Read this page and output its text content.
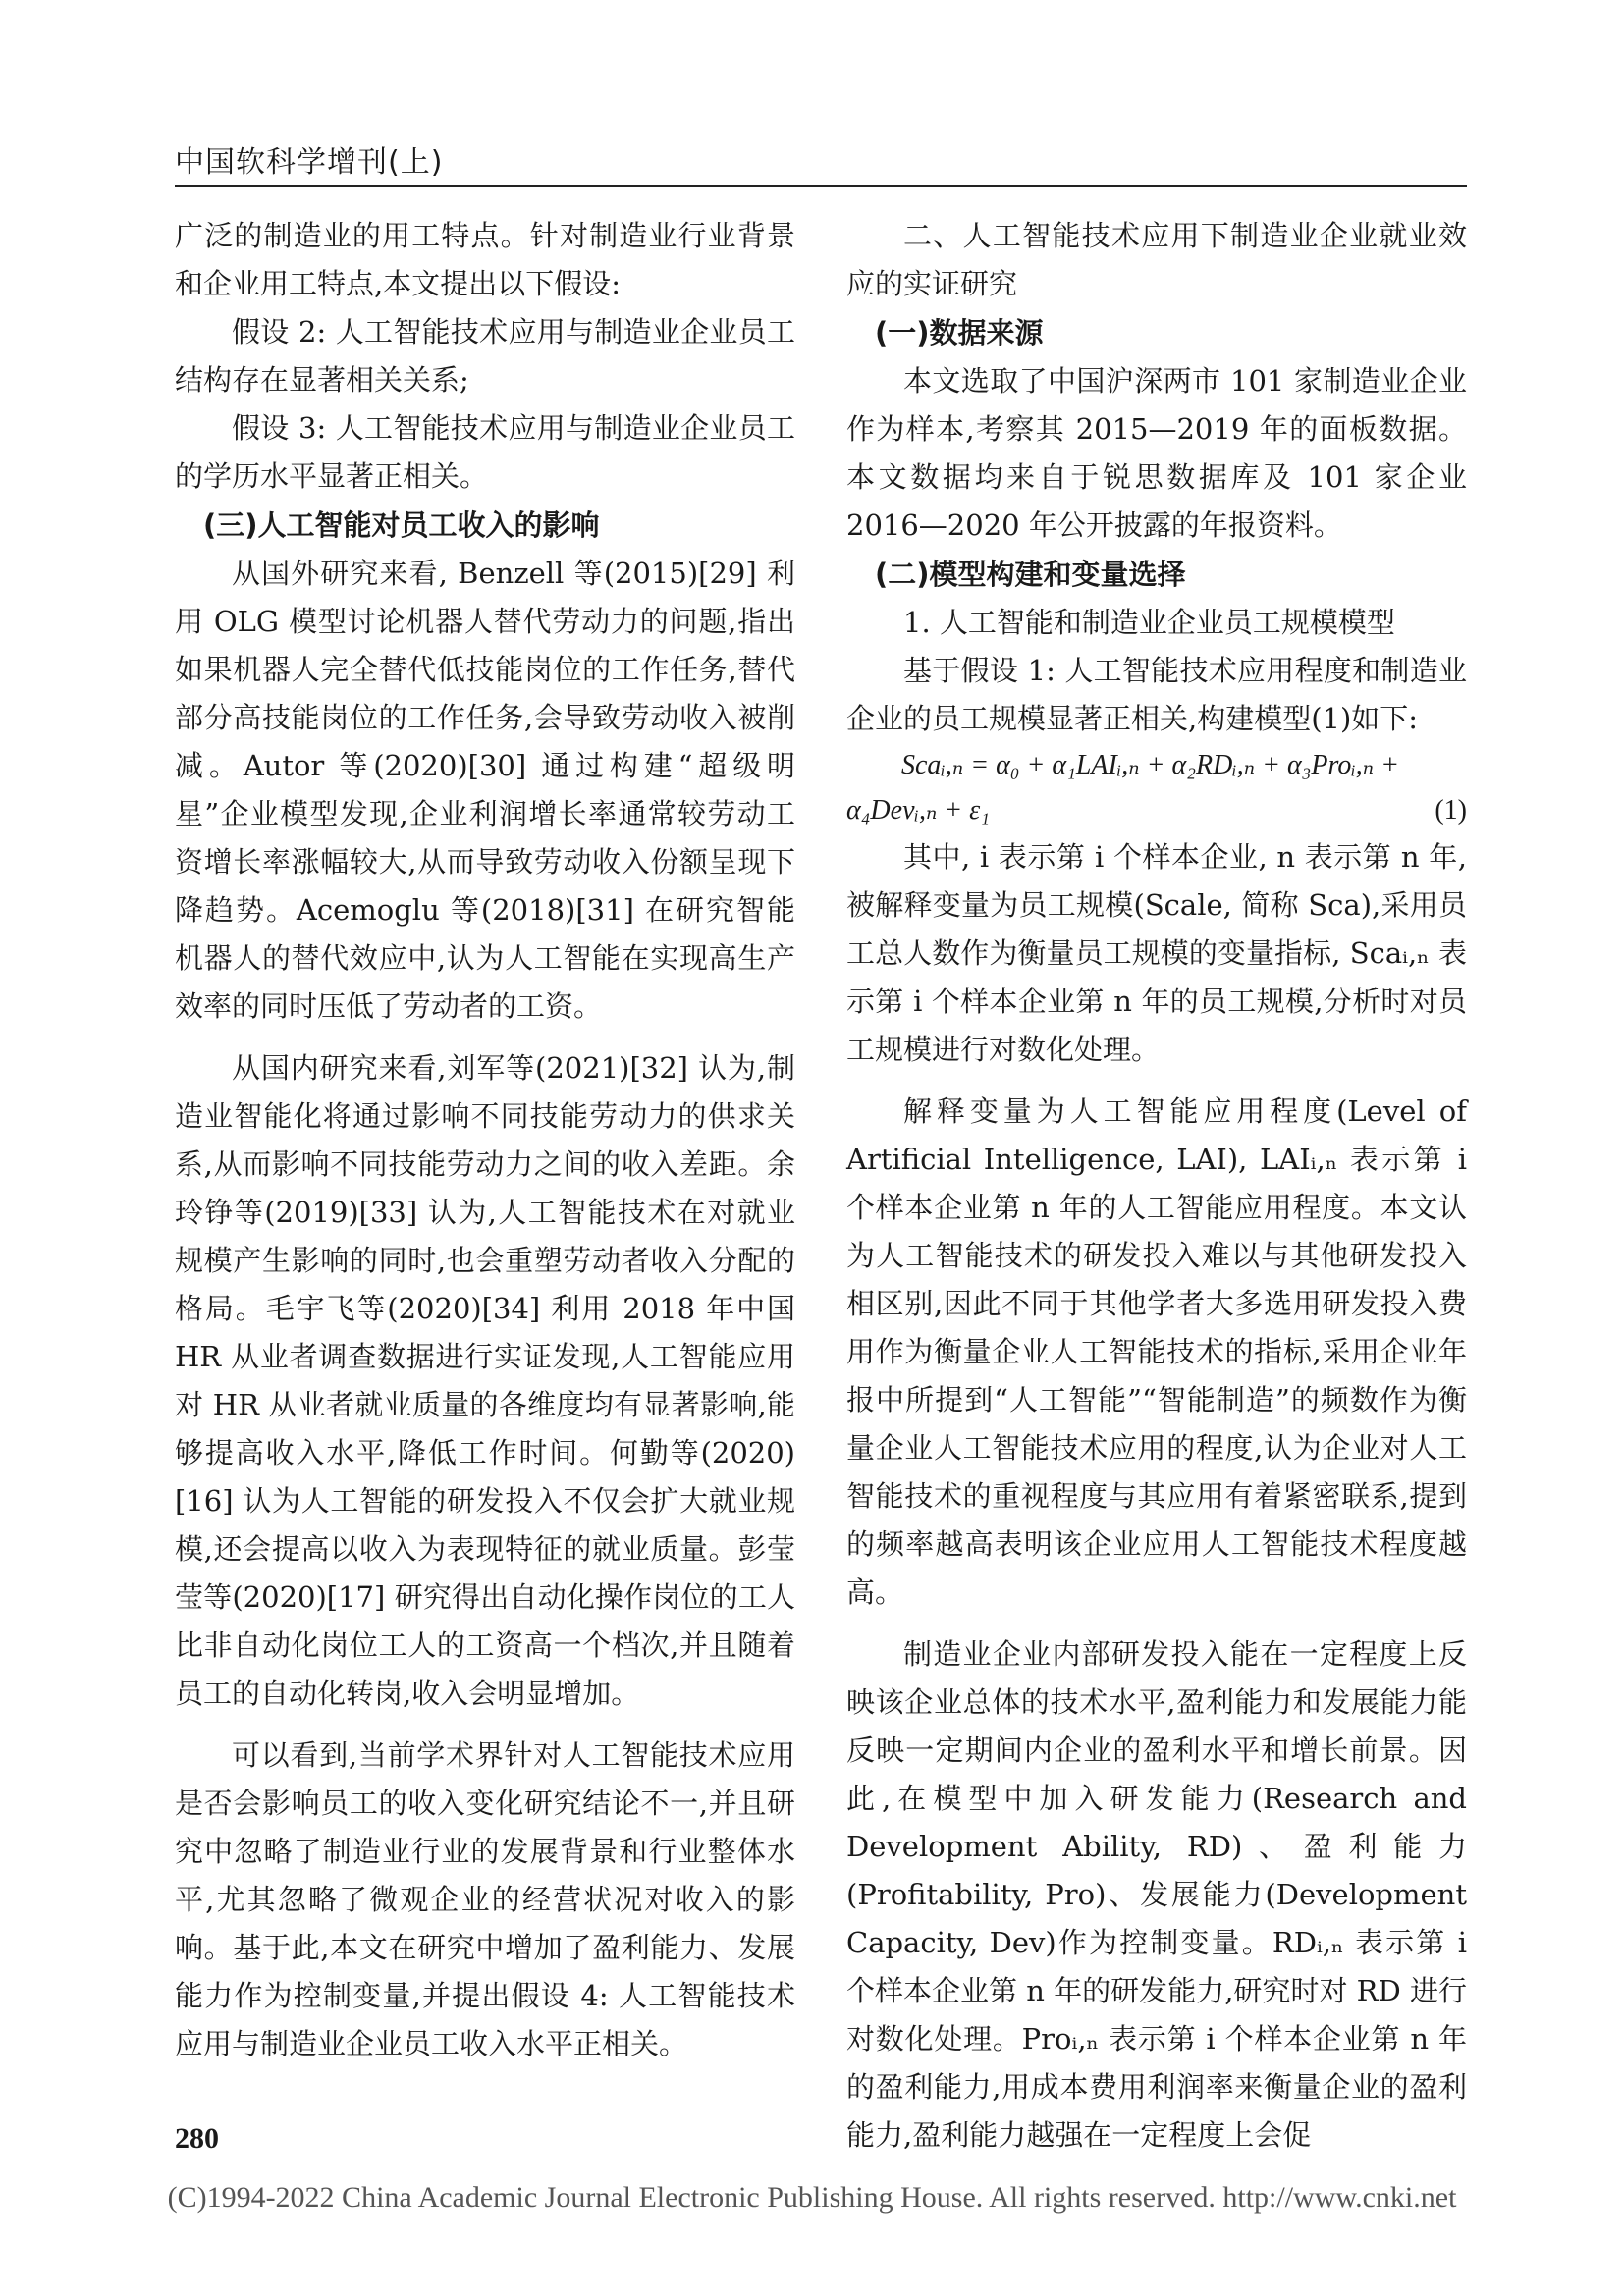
中国软科学增刊(上)

广泛的制造业的用工特点。针对制造业行业背景和企业用工特点,本文提出以下假设:

假设 2: 人工智能技术应用与制造业企业员工结构存在显著相关关系;

假设 3: 人工智能技术应用与制造业企业员工的学历水平显著正相关。

(三)人工智能对员工收入的影响

从国外研究来看, Benzell 等(2015)[29] 利用 OLG 模型讨论机器人替代劳动力的问题,指出如果机器人完全替代低技能岗位的工作任务,替代部分高技能岗位的工作任务,会导致劳动收入被削减。Autor 等(2020)[30] 通过构建“超级明星”企业模型发现,企业利润增长率通常较劳动工资增长率涨幅较大,从而导致劳动收入份额呈现下降趋势。Acemoglu 等(2018)[31] 在研究智能机器人的替代效应中,认为人工智能在实现高生产效率的同时压低了劳动者的工资。

从国内研究来看,刘军等(2021)[32] 认为,制造业智能化将通过影响不同技能劳动力的供求关系,从而影响不同技能劳动力之间的收入差距。余玲铮等(2019)[33] 认为,人工智能技术在对就业规模产生影响的同时,也会重塑劳动者收入分配的格局。毛宇飞等(2020)[34] 利用 2018 年中国 HR 从业者调查数据进行实证发现,人工智能应用对 HR 从业者就业质量的各维度均有显著影响,能够提高收入水平,降低工作时间。何勤等(2020)[16] 认为人工智能的研发投入不仅会扩大就业规模,还会提高以收入为表现特征的就业质量。彭莹莹等(2020)[17] 研究得出自动化操作岗位的工人比非自动化岗位工人的工资高一个档次,并且随着员工的自动化转岗,收入会明显增加。

可以看到,当前学术界针对人工智能技术应用是否会影响员工的收入变化研究结论不一,并且研究中忽略了制造业行业的发展背景和行业整体水平,尤其忽略了微观企业的经营状况对收入的影响。基于此,本文在研究中增加了盈利能力、发展能力作为控制变量,并提出假设 4: 人工智能技术应用与制造业企业员工收入水平正相关。

二、人工智能技术应用下制造业企业就业效应的实证研究

(一)数据来源

本文选取了中国沪深两市 101 家制造业企业作为样本,考察其 2015—2019 年的面板数据。本文数据均来自于锐思数据库及 101 家企业 2016—2020 年公开披露的年报资料。

(二)模型构建和变量选择

1. 人工智能和制造业企业员工规模模型

基于假设 1: 人工智能技术应用程度和制造业企业的员工规模显著正相关,构建模型(1)如下:

Scaᵢ,ₙ = α₀ + α₁LAIᵢ,ₙ + α₂RDᵢ,ₙ + α₃Proᵢ,ₙ +
α₄Devᵢ,ₙ + ε₁	(1)

其中, i 表示第 i 个样本企业, n 表示第 n 年,被解释变量为员工规模(Scale, 简称 Sca),采用员工总人数作为衡量员工规模的变量指标, Scaᵢ,ₙ 表示第 i 个样本企业第 n 年的员工规模,分析时对员工规模进行对数化处理。

解释变量为人工智能应用程度(Level of Artificial Intelligence, LAI), LAIᵢ,ₙ 表示第 i 个样本企业第 n 年的人工智能应用程度。本文认为人工智能技术的研发投入难以与其他研发投入相区别,因此不同于其他学者大多选用研发投入费用作为衡量企业人工智能技术的指标,采用企业年报中所提到“人工智能”“智能制造”的频数作为衡量企业人工智能技术应用的程度,认为企业对人工智能技术的重视程度与其应用有着紧密联系,提到的频率越高表明该企业应用人工智能技术程度越高。

制造业企业内部研发投入能在一定程度上反映该企业总体的技术水平,盈利能力和发展能力能反映一定期间内企业的盈利水平和增长前景。因此,在模型中加入研发能力(Research and Development Ability, RD)、盈利能力(Profitability, Pro)、发展能力(Development Capacity, Dev)作为控制变量。RDᵢ,ₙ 表示第 i 个样本企业第 n 年的研发能力,研究时对 RD 进行对数化处理。Proᵢ,ₙ 表示第 i 个样本企业第 n 年的盈利能力,用成本费用利润率来衡量企业的盈利能力,盈利能力越强在一定程度上会促

280
(C)1994-2022 China Academic Journal Electronic Publishing House. All rights reserved. http://www.cnki.net
